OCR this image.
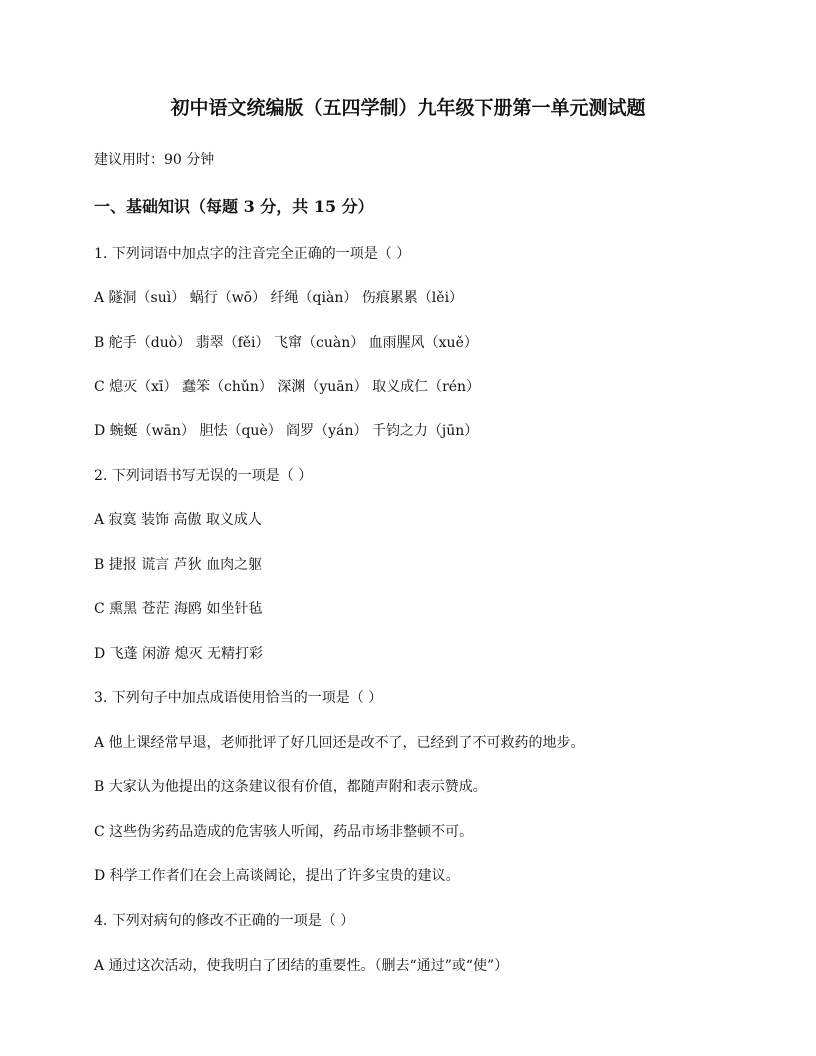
初中语文统编版（五四学制）九年级下册第一单元测试题
建议用时：90 分钟
一、基础知识（每题 3 分，共 15 分）
1. 下列词语中加点字的注音完全正确的一项是（ ）
A 隧洞（suì） 蜗行（wō） 纤绳（qiàn） 伤痕累累（lěi）
B 舵手（duò） 翡翠（fěi） 飞窜（cuàn） 血雨腥风（xuě）
C 熄灭（xī） 蠢笨（chǔn） 深渊（yuān） 取义成仁（rén）
D 蜿蜒（wān） 胆怯（què） 阎罗（yán） 千钧之力（jūn）
2. 下列词语书写无误的一项是（ ）
A 寂寞 装饰 高傲 取义成人
B 捷报 谎言 芦狄 血肉之躯
C 熏黑 苍茫 海鸥 如坐针毡
D 飞蓬 闲游 熄灭 无精打彩
3. 下列句子中加点成语使用恰当的一项是（ ）
A 他上课经常早退，老师批评了好几回还是改不了，已经到了不可救药的地步。
B 大家认为他提出的这条建议很有价值，都随声附和表示赞成。
C 这些伪劣药品造成的危害骇人听闻，药品市场非整顿不可。
D 科学工作者们在会上高谈阔论，提出了许多宝贵的建议。
4. 下列对病句的修改不正确的一项是（ ）
A 通过这次活动，使我明白了团结的重要性。（删去“通过”或“使”）
